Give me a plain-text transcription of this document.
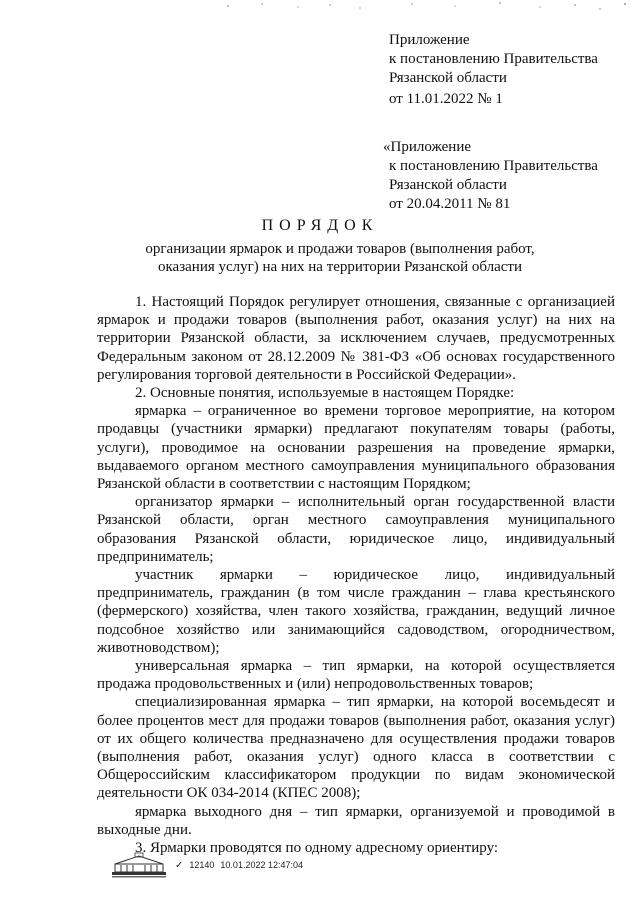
Приложение
к постановлению Правительства
Рязанской области
от 11.01.2022 № 1
«Приложение
к постановлению Правительства
Рязанской области
от 20.04.2011 № 81
ПОРЯДОК
организации ярмарок и продажи товаров (выполнения работ,
оказания услуг) на них на территории Рязанской области

1. Настоящий Порядок регулирует отношения, связанные с организацией ярмарок и продажи товаров (выполнения работ, оказания услуг) на них на территории Рязанской области, за исключением случаев, предусмотренных Федеральным законом от 28.12.2009 № 381-ФЗ «Об основах государственного регулирования торговой деятельности в Российской Федерации».

2. Основные понятия, используемые в настоящем Порядке:

ярмарка – ограниченное во времени торговое мероприятие, на котором продавцы (участники ярмарки) предлагают покупателям товары (работы, услуги), проводимое на основании разрешения на проведение ярмарки, выдаваемого органом местного самоуправления муниципального образования Рязанской области в соответствии с настоящим Порядком;

организатор ярмарки – исполнительный орган государственной власти Рязанской области, орган местного самоуправления муниципального образования Рязанской области, юридическое лицо, индивидуальный предприниматель;

участник ярмарки – юридическое лицо, индивидуальный предприниматель, гражданин (в том числе гражданин – глава крестьянского (фермерского) хозяйства, член такого хозяйства, гражданин, ведущий личное подсобное хозяйство или занимающийся садоводством, огородничеством, животноводством);

универсальная ярмарка – тип ярмарки, на которой осуществляется продажа продовольственных и (или) непродовольственных товаров;

специализированная ярмарка – тип ярмарки, на которой восемьдесят и более процентов мест для продажи товаров (выполнения работ, оказания услуг) от их общего количества предназначено для осуществления продажи товаров (выполнения работ, оказания услуг) одного класса в соответствии с Общероссийским классификатором продукции по видам экономической деятельности ОК 034-2014 (КПЕС 2008);

ярмарка выходного дня – тип ярмарки, организуемой и проводимой в выходные дни.

3. Ярмарки проводятся по одному адресному ориентиру:

✓ 12140 10.01.2022 12:47:04
